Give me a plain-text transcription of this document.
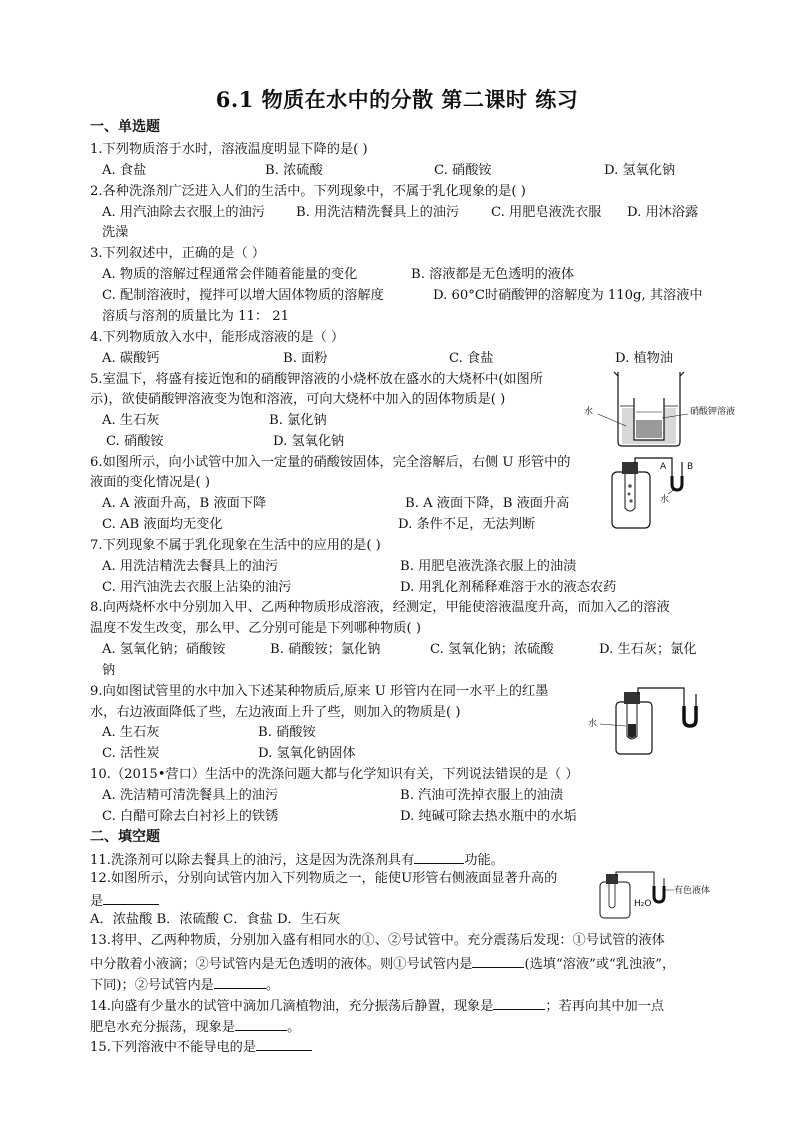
6.1 物质在水中的分散 第二课时 练习
一、单选题
1.下列物质溶于水时，溶液温度明显下降的是( )
A. 食盐	B. 浓硫酸	C. 硝酸铵	D. 氢氧化钠
2.各种洗涤剂广泛进入人们的生活中。下列现象中，不属于乳化现象的是( )
A. 用汽油除去衣服上的油污 B. 用洗洁精洗餐具上的油污 C. 用肥皂液洗衣服 D. 用沐浴露
洗澡
3.下列叙述中，正确的是（ ）
A. 物质的溶解过程通常会伴随着能量的变化	B. 溶液都是无色透明的液体
C. 配制溶液时，搅拌可以增大固体物质的溶解度	D. 60°C时硝酸钾的溶解度为 110g, 其溶液中
溶质与溶剂的质量比为 11： 21
4.下列物质放入水中，能形成溶液的是（ ）
A. 碳酸钙	B. 面粉	C. 食盐	D. 植物油
5.室温下，将盛有接近饱和的硝酸钾溶液的小烧杯放在盛水的大烧杯中(如图所
示)，欲使硝酸钾溶液变为饱和溶液，可向大烧杯中加入的固体物质是( )
A. 生石灰	B. 氯化钠
C. 硝酸铵	D. 氢氧化钠
水	硝酸钾溶液
6.如图所示，向小试管中加入一定量的硝酸铵固体，完全溶解后，右侧 U 形管中的
液面的变化情况是( )
A. A 液面升高，B 液面下降	B. A 液面下降，B 液面升高
C. AB 液面均无变化	D. 条件不足，无法判断
A B
水
7.下列现象不属于乳化现象在生活中的应用的是( )
A. 用洗洁精洗去餐具上的油污	B. 用肥皂液洗涤衣服上的油渍
C. 用汽油洗去衣服上沾染的油污	D. 用乳化剂稀释难溶于水的液态农药
8.向两烧杯水中分别加入甲、乙两种物质形成溶液，经测定，甲能使溶液温度升高，而加入乙的溶液
温度不发生改变，那么甲、乙分别可能是下列哪种物质( )
A. 氢氧化钠；硝酸铵	B. 硝酸铵；氯化钠	C. 氢氧化钠；浓硫酸	D. 生石灰；氯化
钠
9.向如图试管里的水中加入下述某种物质后,原来 U 形管内在同一水平上的红墨
水，右边液面降低了些，左边液面上升了些，则加入的物质是( )
A. 生石灰	B. 硝酸铵
C. 活性炭	D. 氢氧化钠固体
水
10.（2015•营口）生活中的洗涤问题大都与化学知识有关，下列说法错误的是（ ）
A. 洗洁精可清洗餐具上的油污	B. 汽油可洗掉衣服上的油渍
C. 白醋可除去白衬衫上的铁锈	D. 纯碱可除去热水瓶中的水垢
二、填空题
11.洗涤剂可以除去餐具上的油污，这是因为洗涤剂具有	功能。
12.如图所示，分别向试管内加入下列物质之一，能使U形管右侧液面显著升高的
是
A．浓盐酸 B．浓硫酸 C．食盐 D．生石灰
H₂O
有色液体
13.将甲、乙两种物质，分别加入盛有相同水的①、②号试管中。充分震荡后发现：①号试管的液体
中分散着小液滴；②号试管内是无色透明的液体。则①号试管内是	(选填“溶液”或“乳浊液”，
下同)；②号试管内是	。
14.向盛有少量水的试管中滴加几滴植物油，充分振荡后静置，现象是	；若再向其中加一点
肥皂水充分振荡，现象是	。
15.下列溶液中不能导电的是
